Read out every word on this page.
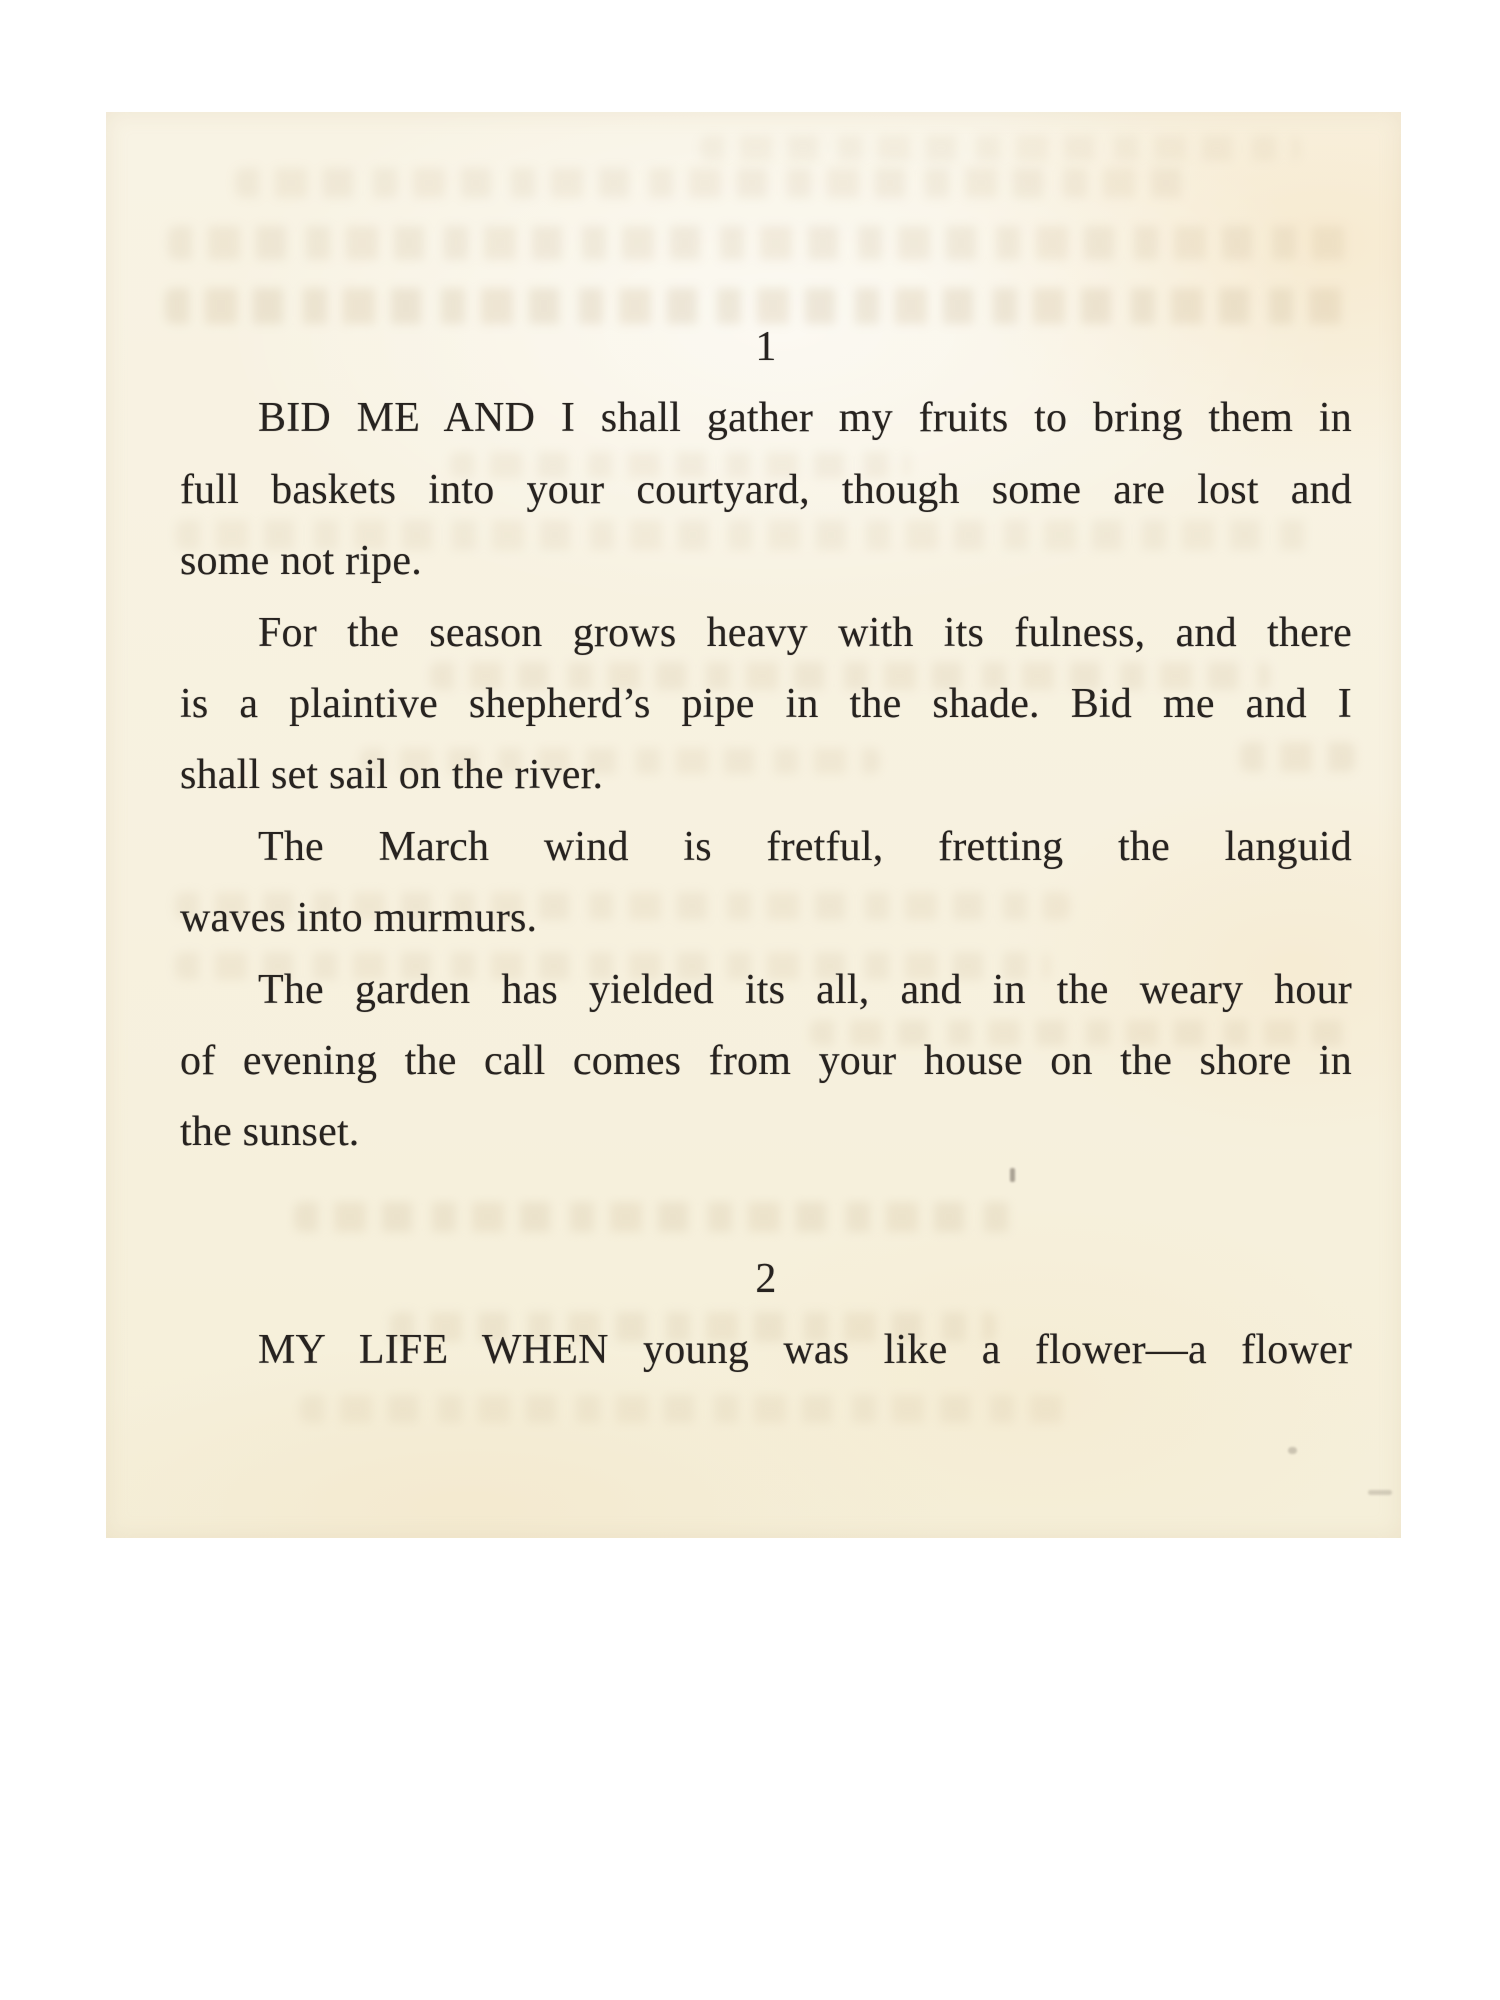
1
BID ME AND I shall gather my fruits to bring them in
full baskets into your courtyard, though some are lost and
some not ripe.
For the season grows heavy with its fulness, and there
is a plaintive shepherd’s pipe in the shade. Bid me and I
shall set sail on the river.
The March wind is fretful, fretting the languid
waves into murmurs.
The garden has yielded its all, and in the weary hour
of evening the call comes from your house on the shore in
the sunset.
2
MY LIFE WHEN young was like a flower—a flower
